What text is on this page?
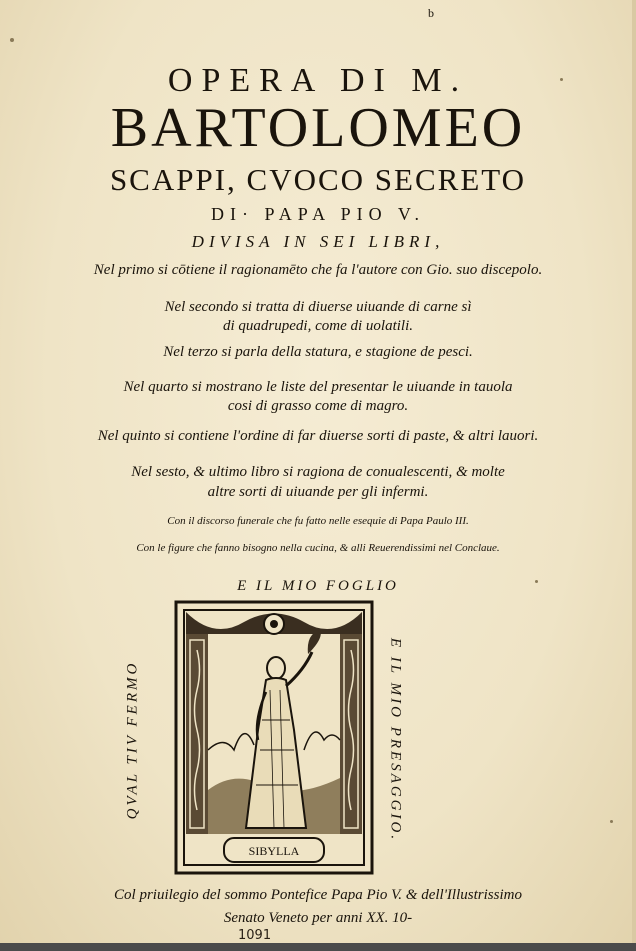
b
OPERA DI M.
BARTOLOMEO
SCAPPI, CVOCO SECRETO
DI· PAPA PIO V.
DIVISA IN SEI LIBRI,
Nel primo si cōtiene il ragionamēto che fa l'autore con Gio. suo discepolo.
Nel secondo si tratta di diuerse uiuande di carne sì
di quadrupedi, come di uolatili.
Nel terzo si parla della statura, e stagione de pesci.
Nel quarto si mostrano le liste del presentar le uiuande in tauola
cosi di grasso come di magro.
Nel quinto si contiene l'ordine di far diuerse sorti di paste, & altri lauori.
Nel sesto, & ultimo libro si ragiona de conualescenti, & molte
altre sorti di uiuande per gli infermi.
Con il discorso funerale che fu fatto nelle esequie di Papa Paulo III.
Con le figure che fanno bisogno nella cucina, & alli Reuerendissimi nel Conclaue.
E IL MIO FOGLIO
QVAL TIV FERMO	E IL MIO PRESAGGIO.
SIBYLLA
Col priuilegio del sommo Pontefice Papa Pio V. & dell'Illustrissimo
Senato Veneto per anni XX. 10-
1091
